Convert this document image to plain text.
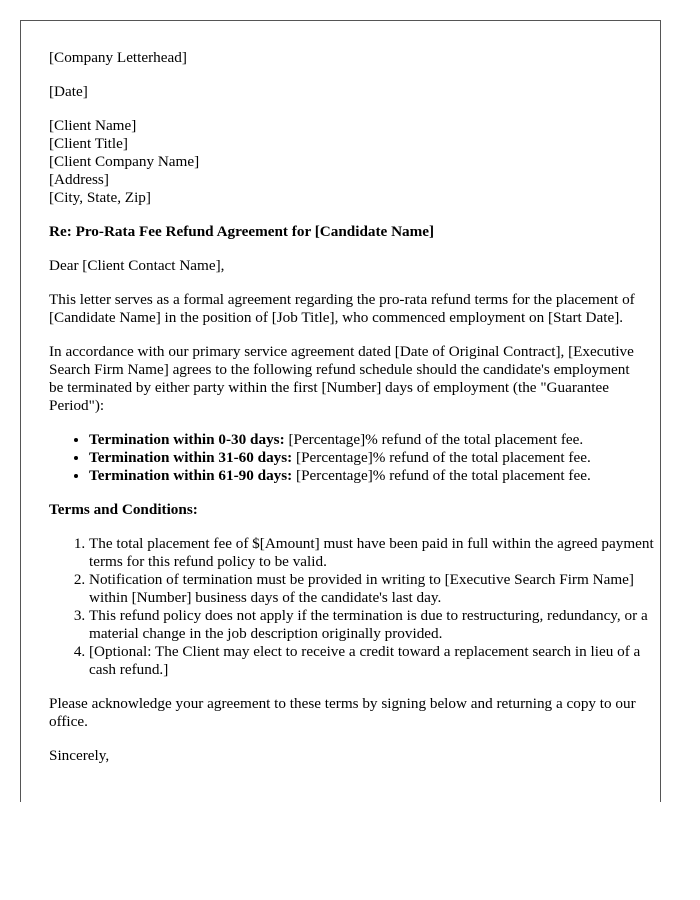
[Company Letterhead]

[Date]

[Client Name]
[Client Title]
[Client Company Name]
[Address]
[City, State, Zip]

Re: Pro-Rata Fee Refund Agreement for [Candidate Name]

Dear [Client Contact Name],

This letter serves as a formal agreement regarding the pro-rata refund terms for the placement of [Candidate Name] in the position of [Job Title], who commenced employment on [Start Date].

In accordance with our primary service agreement dated [Date of Original Contract], [Executive Search Firm Name] agrees to the following refund schedule should the candidate's employment be terminated by either party within the first [Number] days of employment (the "Guarantee Period"):

• Termination within 0-30 days: [Percentage]% refund of the total placement fee.
• Termination within 31-60 days: [Percentage]% refund of the total placement fee.
• Termination within 61-90 days: [Percentage]% refund of the total placement fee.

Terms and Conditions:

1. The total placement fee of $[Amount] must have been paid in full within the agreed payment terms for this refund policy to be valid.
2. Notification of termination must be provided in writing to [Executive Search Firm Name] within [Number] business days of the candidate's last day.
3. This refund policy does not apply if the termination is due to restructuring, redundancy, or a material change in the job description originally provided.
4. [Optional: The Client may elect to receive a credit toward a replacement search in lieu of a cash refund.]

Please acknowledge your agreement to these terms by signing below and returning a copy to our office.

Sincerely,
